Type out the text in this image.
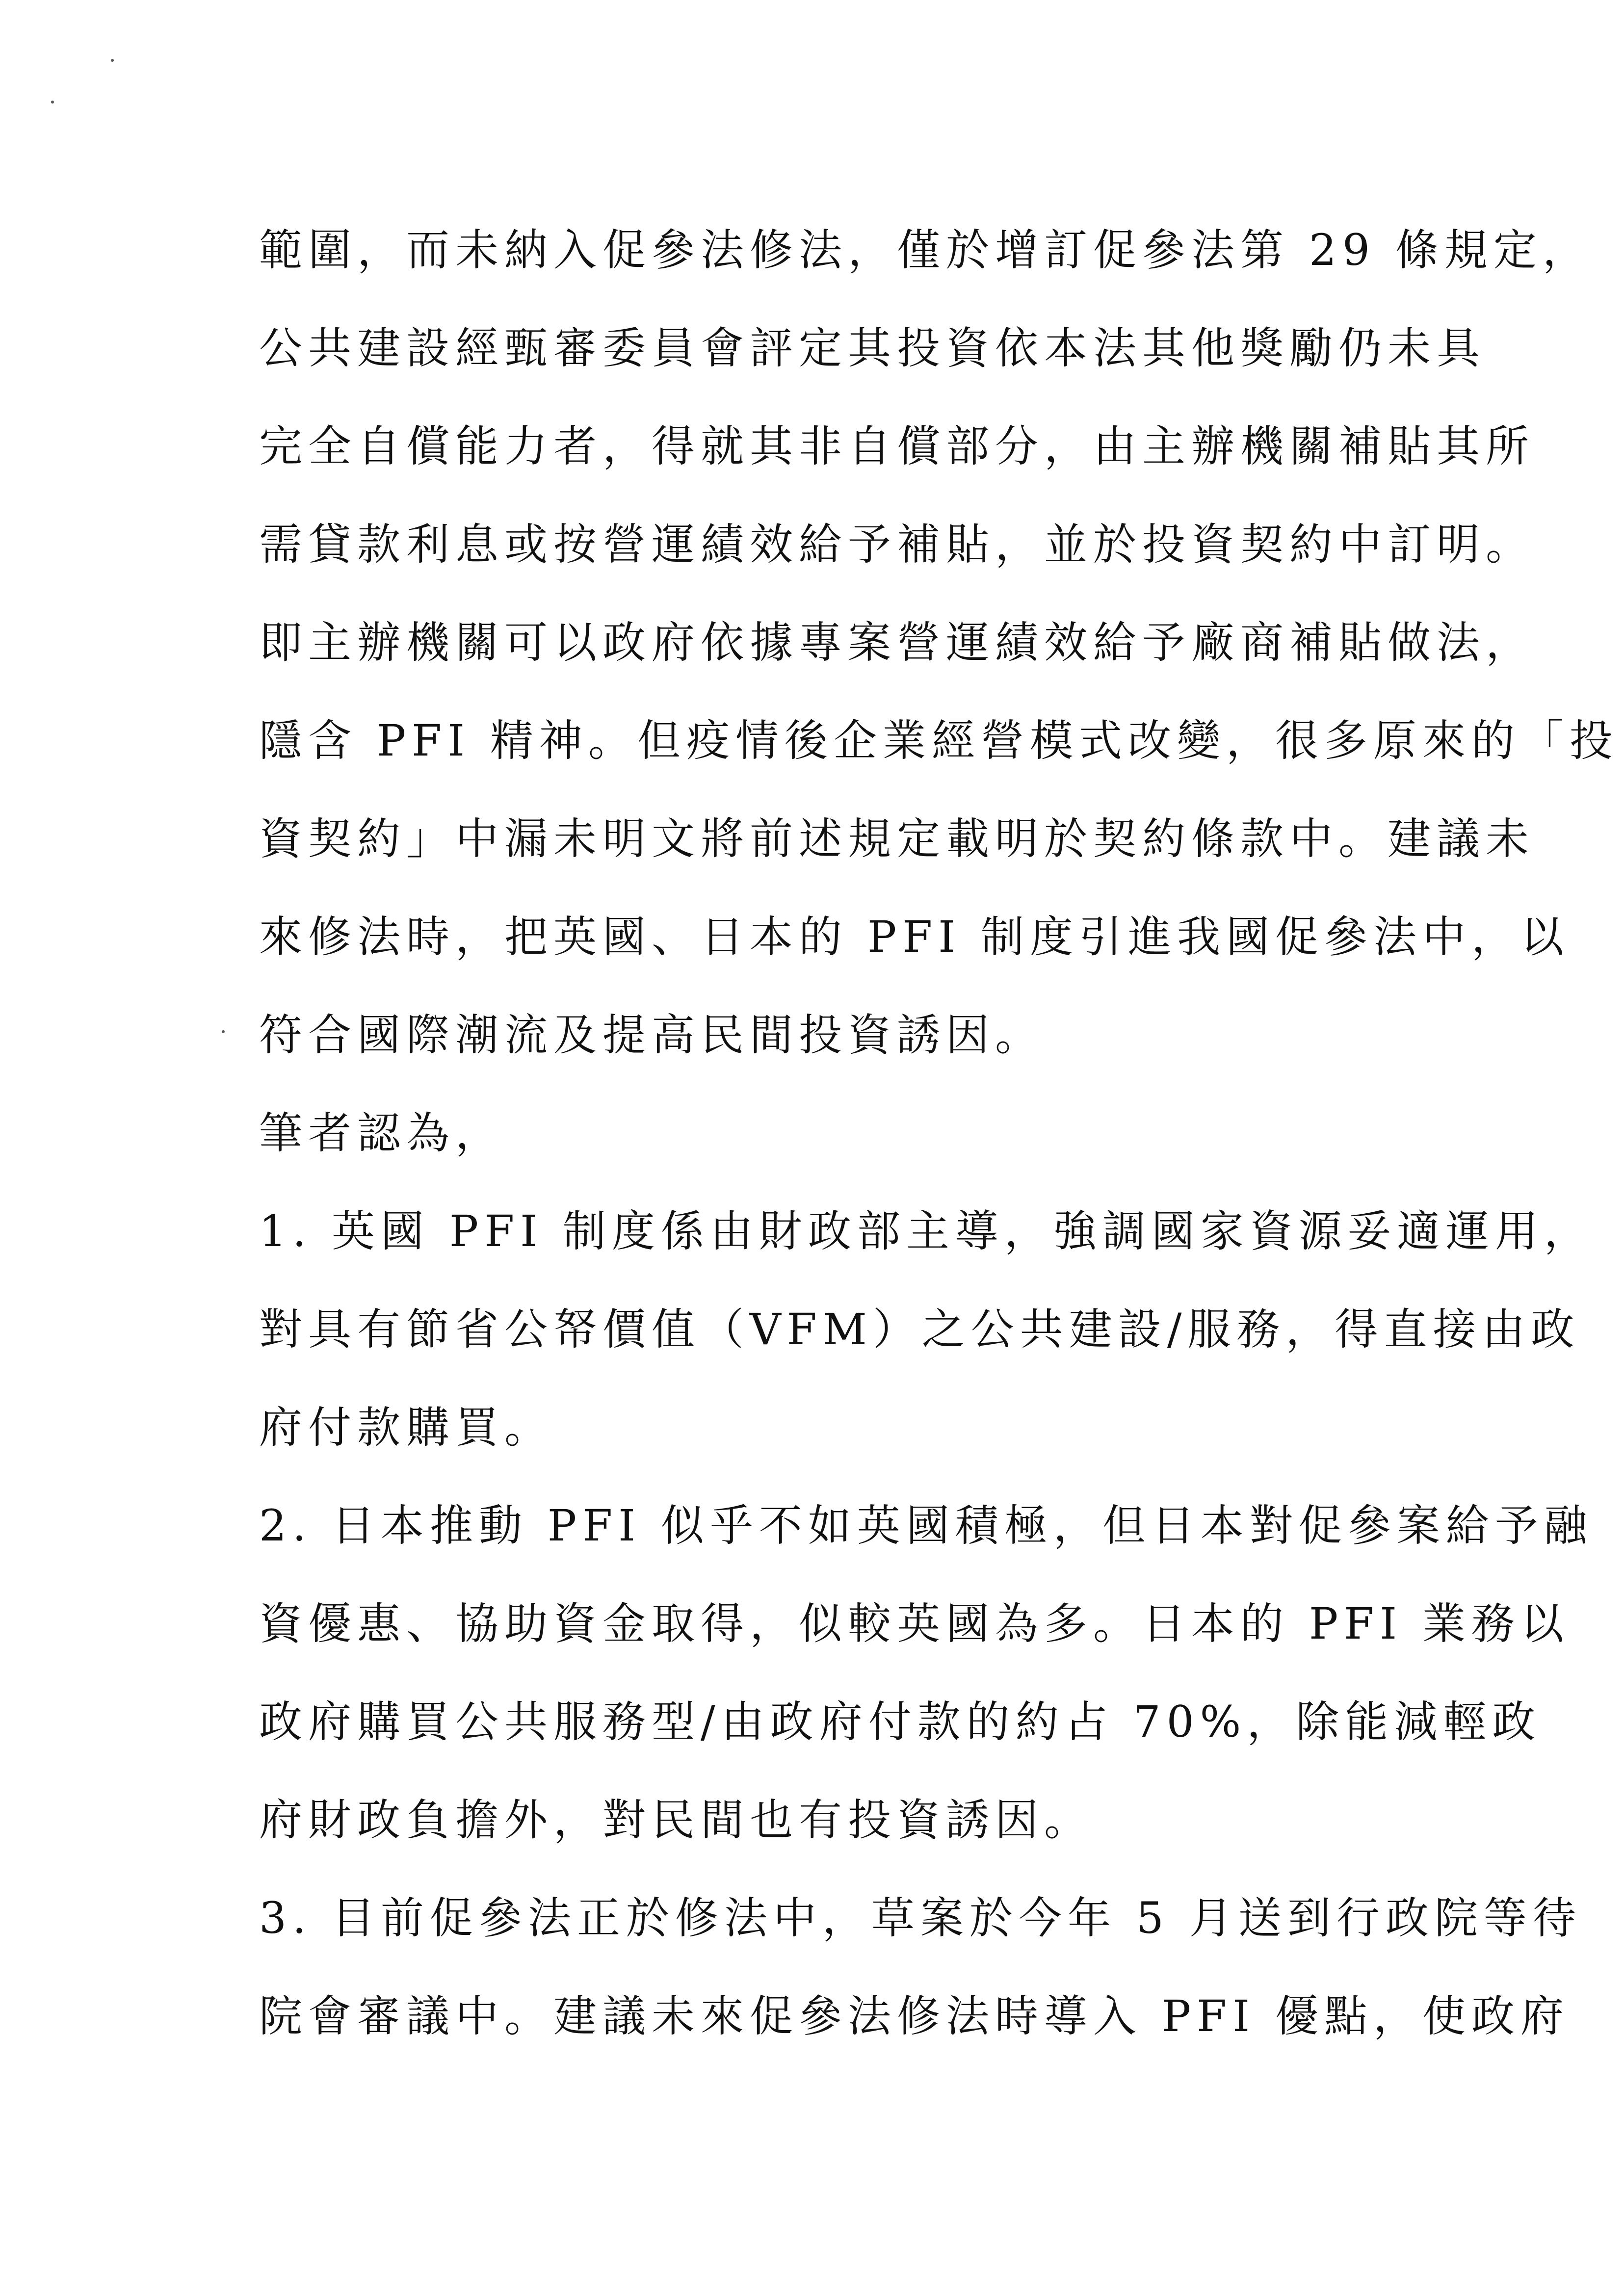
範圍，而未納入促參法修法，僅於增訂促參法第 29 條規定，
公共建設經甄審委員會評定其投資依本法其他獎勵仍未具
完全自償能力者，得就其非自償部分，由主辦機關補貼其所
需貸款利息或按營運績效給予補貼，並於投資契約中訂明。
即主辦機關可以政府依據專案營運績效給予廠商補貼做法，
隱含 PFI 精神。但疫情後企業經營模式改變，很多原來的「投
資契約」中漏未明文將前述規定載明於契約條款中。建議未
來修法時，把英國、日本的 PFI 制度引進我國促參法中，以
符合國際潮流及提高民間投資誘因。
筆者認為，
1. 英國 PFI 制度係由財政部主導，強調國家資源妥適運用，
對具有節省公帑價值（VFM）之公共建設/服務，得直接由政
府付款購買。
2. 日本推動 PFI 似乎不如英國積極，但日本對促參案給予融
資優惠、協助資金取得，似較英國為多。日本的 PFI 業務以
政府購買公共服務型/由政府付款的約占 70%，除能減輕政
府財政負擔外，對民間也有投資誘因。
3. 目前促參法正於修法中，草案於今年 5 月送到行政院等待
院會審議中。建議未來促參法修法時導入 PFI 優點，使政府
